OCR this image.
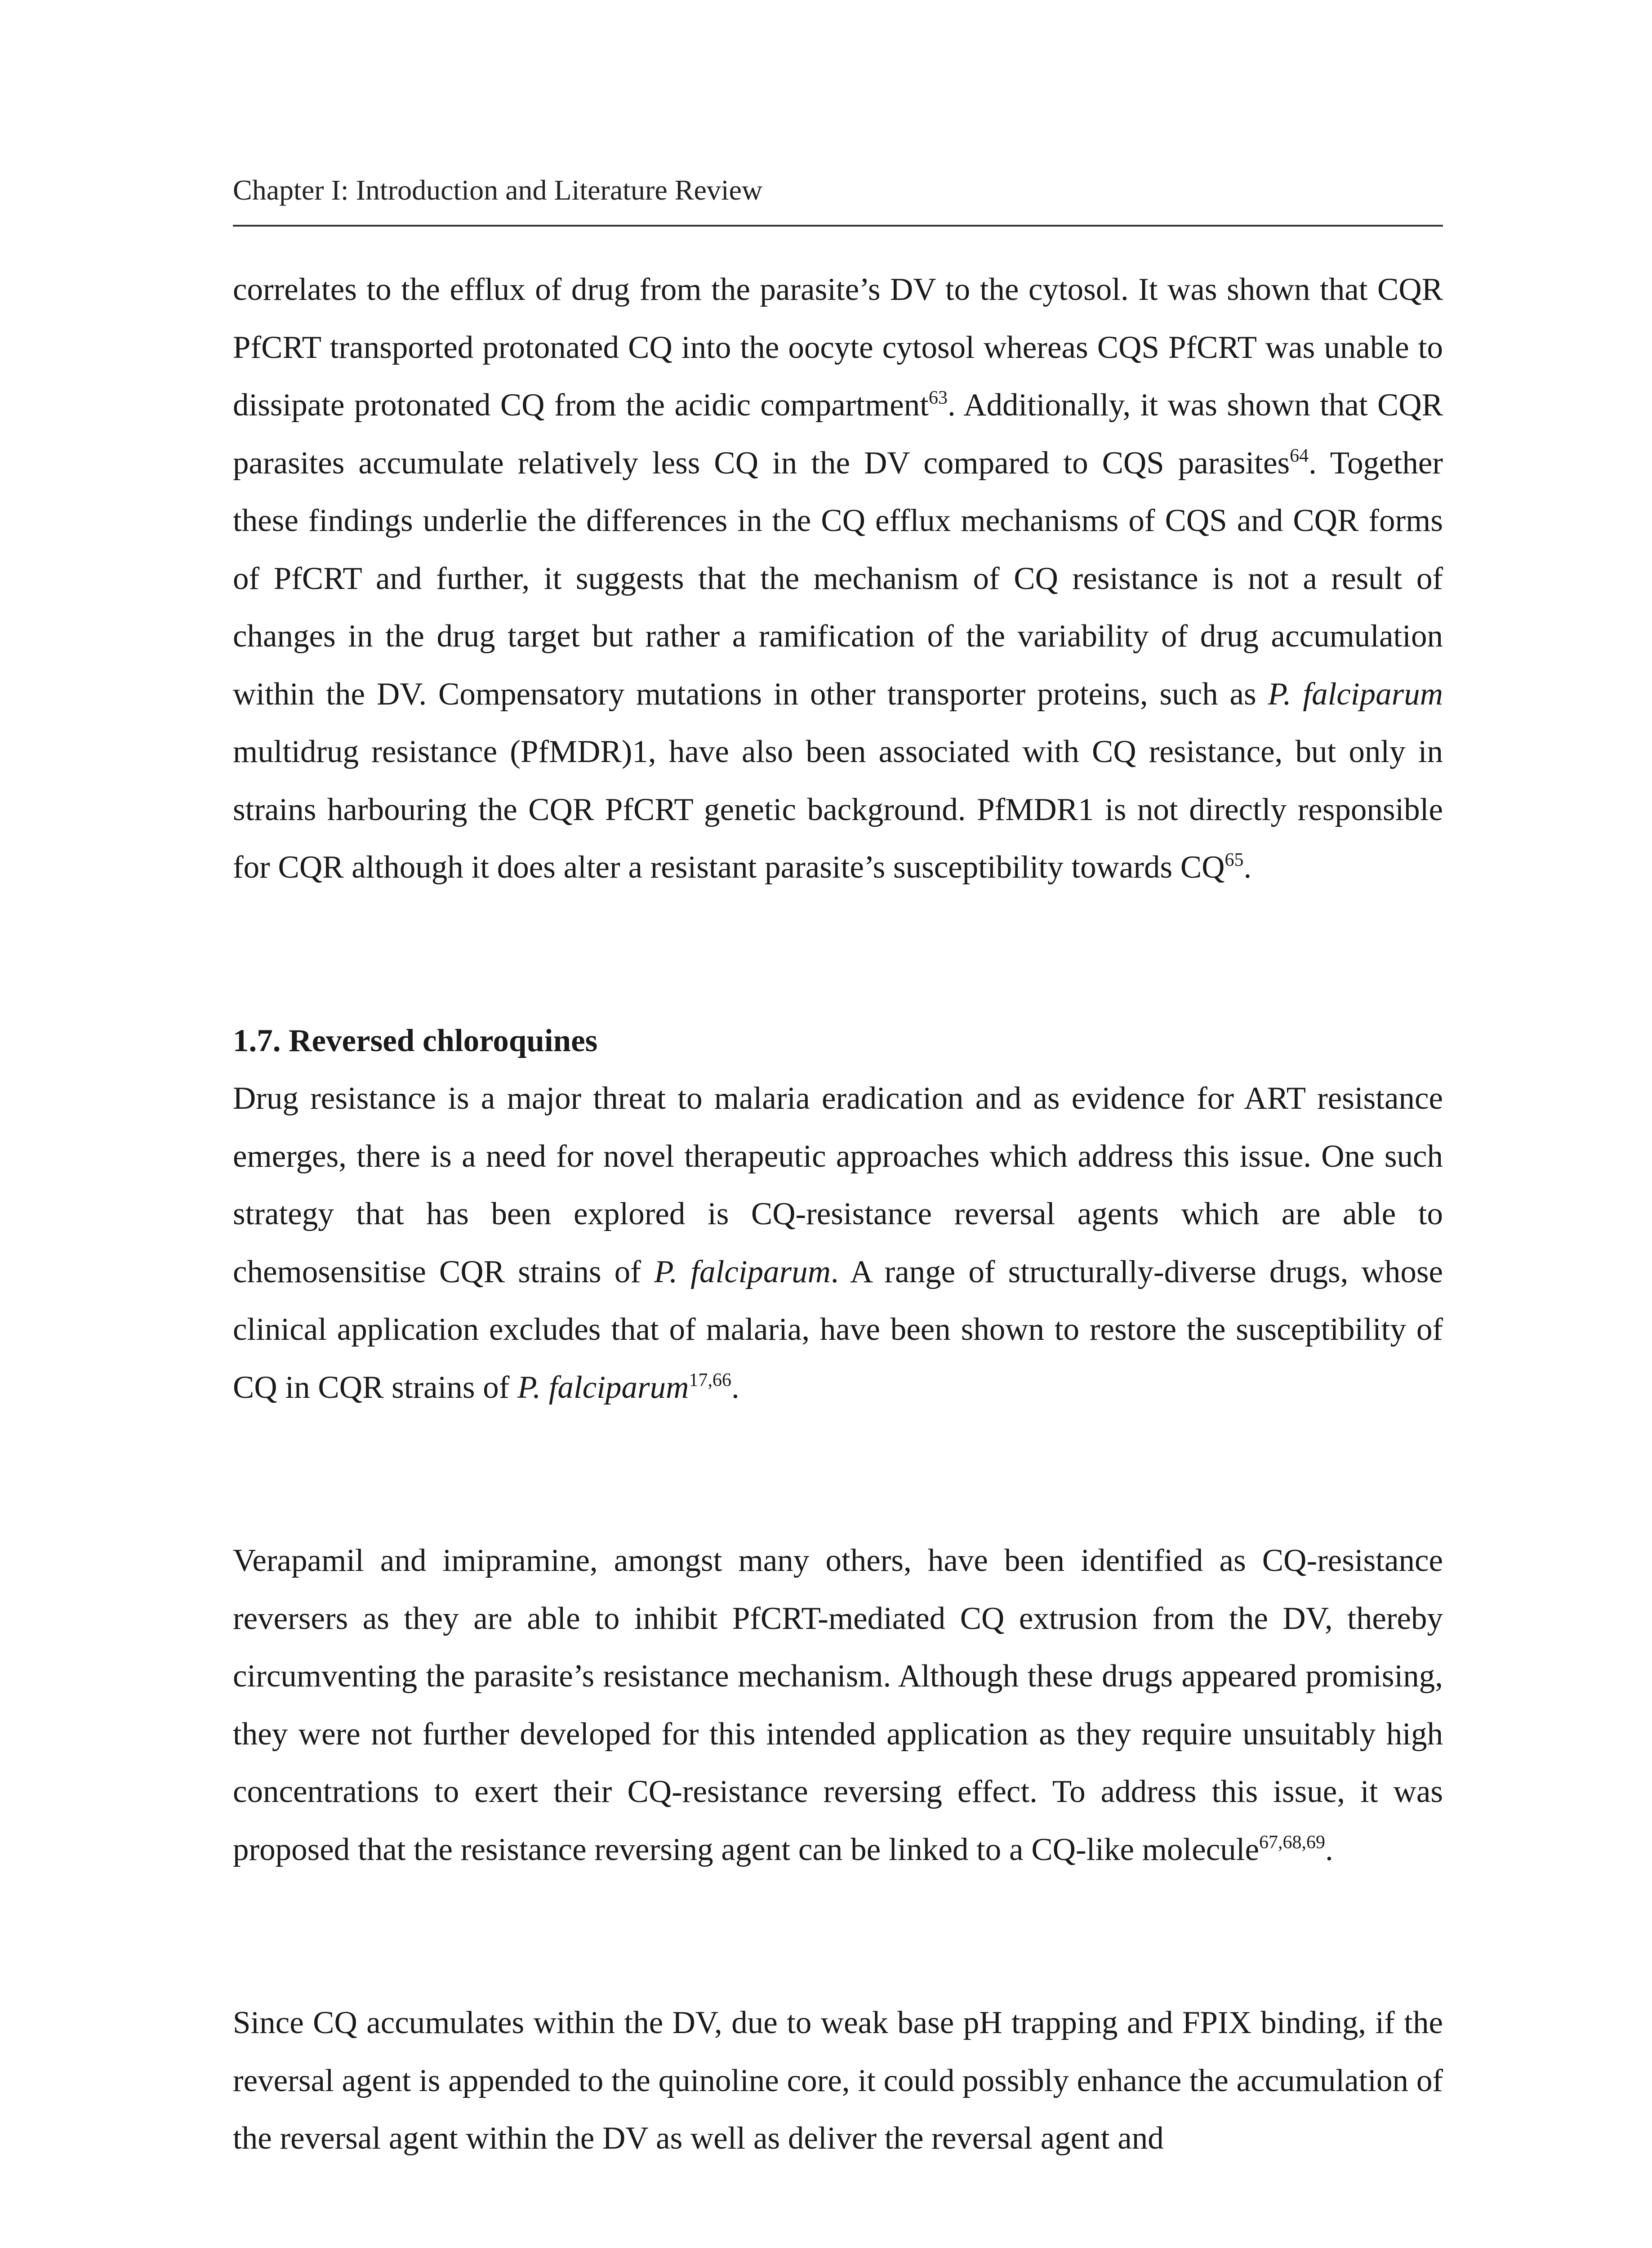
Chapter I: Introduction and Literature Review

correlates to the efflux of drug from the parasite’s DV to the cytosol. It was shown that CQR PfCRT transported protonated CQ into the oocyte cytosol whereas CQS PfCRT was unable to dissipate protonated CQ from the acidic compartment$^{63}$. Additionally, it was shown that CQR parasites accumulate relatively less CQ in the DV compared to CQS parasites$^{64}$. Together these findings underlie the differences in the CQ efflux mechanisms of CQS and CQR forms of PfCRT and further, it suggests that the mechanism of CQ resistance is not a result of changes in the drug target but rather a ramification of the variability of drug accumulation within the DV. Compensatory mutations in other transporter proteins, such as P. falciparum multidrug resistance (PfMDR)1, have also been associated with CQ resistance, but only in strains harbouring the CQR PfCRT genetic background. PfMDR1 is not directly responsible for CQR although it does alter a resistant parasite’s susceptibility towards CQ$^{65}$.

1.7. Reversed chloroquines

Drug resistance is a major threat to malaria eradication and as evidence for ART resistance emerges, there is a need for novel therapeutic approaches which address this issue. One such strategy that has been explored is CQ-resistance reversal agents which are able to chemosensitise CQR strains of P. falciparum. A range of structurally-diverse drugs, whose clinical application excludes that of malaria, have been shown to restore the susceptibility of CQ in CQR strains of P. falciparum$^{17,66}$.

Verapamil and imipramine, amongst many others, have been identified as CQ-resistance reversers as they are able to inhibit PfCRT-mediated CQ extrusion from the DV, thereby circumventing the parasite’s resistance mechanism. Although these drugs appeared promising, they were not further developed for this intended application as they require unsuitably high concentrations to exert their CQ-resistance reversing effect. To address this issue, it was proposed that the resistance reversing agent can be linked to a CQ-like molecule$^{67,68,69}$.

Since CQ accumulates within the DV, due to weak base pH trapping and FPIX binding, if the reversal agent is appended to the quinoline core, it could possibly enhance the accumulation of the reversal agent within the DV as well as deliver the reversal agent and
